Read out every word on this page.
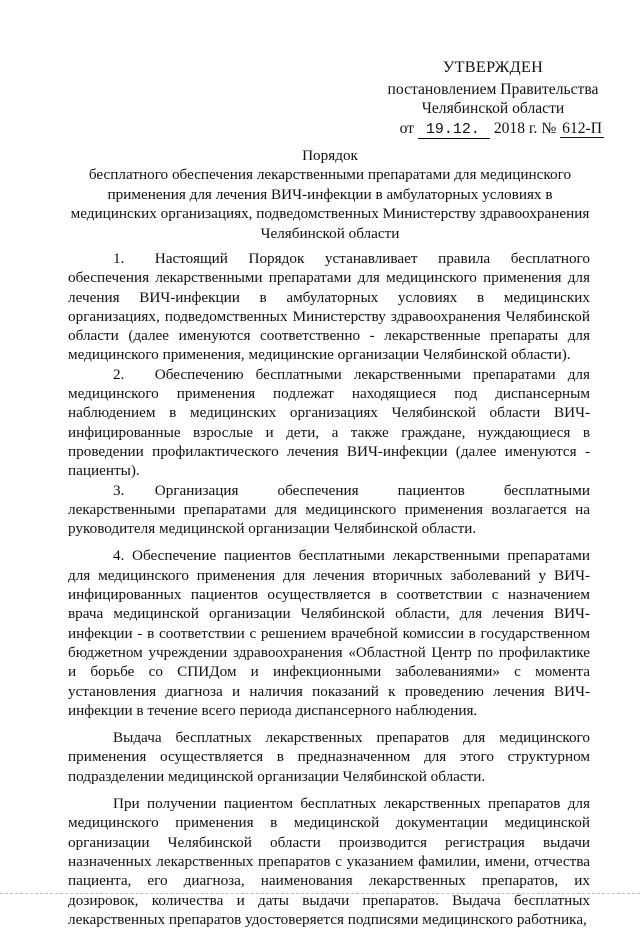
УТВЕРЖДЕН
постановлением Правительства
Челябинской области
от 19.12. 2018 г. № 612-П
Порядок
бесплатного обеспечения лекарственными препаратами для медицинского
применения для лечения ВИЧ-инфекции в амбулаторных условиях в
медицинских организациях, подведомственных Министерству здравоохранения
Челябинской области

1.  Настоящий Порядок устанавливает правила бесплатного обеспечения лекарственными препаратами для медицинского применения для лечения ВИЧ-инфекции в амбулаторных условиях в медицинских организациях, подведомственных Министерству здравоохранения Челябинской области (далее именуются соответственно - лекарственные препараты для медицинского применения, медицинские организации Челябинской области).

2.  Обеспечению бесплатными лекарственными препаратами для медицинского применения подлежат находящиеся под диспансерным наблюдением в медицинских организациях Челябинской области ВИЧ-инфицированные взрослые и дети, а также граждане, нуждающиеся в проведении профилактического лечения ВИЧ-инфекции (далее именуются - пациенты).

3.  Организация обеспечения пациентов бесплатными лекарственными препаратами для медицинского применения возлагается на руководителя медицинской организации Челябинской области.

4. Обеспечение пациентов бесплатными лекарственными препаратами для медицинского применения для лечения вторичных заболеваний у ВИЧ-инфицированных пациентов осуществляется в соответствии с назначением врача медицинской организации Челябинской области, для лечения ВИЧ-инфекции - в соответствии с решением врачебной комиссии в государственном бюджетном учреждении здравоохранения «Областной Центр по профилактике и борьбе со СПИДом и инфекционными заболеваниями» с момента установления диагноза и наличия показаний к проведению лечения ВИЧ-инфекции в течение всего периода диспансерного наблюдения.

Выдача бесплатных лекарственных препаратов для медицинского применения осуществляется в предназначенном для этого структурном подразделении медицинской организации Челябинской области.

При получении пациентом бесплатных лекарственных препаратов для медицинского применения в медицинской документации медицинской организации Челябинской области производится регистрация выдачи назначенных лекарственных препаратов с указанием фамилии, имени, отчества пациента, его диагноза, наименования лекарственных препаратов, их дозировок, количества и даты выдачи препаратов. Выдача бесплатных лекарственных препаратов удостоверяется подписями медицинского работника,
